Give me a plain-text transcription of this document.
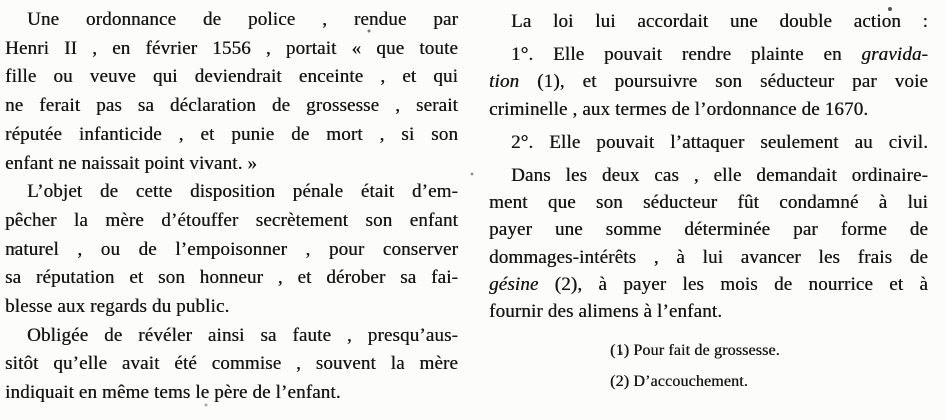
Une ordonnance de police , rendue par
Henri II , en février 1556 , portait « que toute
fille ou veuve qui deviendrait enceinte , et qui
ne ferait pas sa déclaration de grossesse , serait
réputée infanticide , et punie de mort , si son
enfant ne naissait point vivant. »
L’objet de cette disposition pénale était d’em-
pêcher la mère d’étouffer secrètement son enfant
naturel , ou de l’empoisonner , pour conserver
sa réputation et son honneur , et dérober sa fai-
blesse aux regards du public.
Obligée de révéler ainsi sa faute , presqu’aus-
sitôt qu’elle avait été commise , souvent la mère
indiquait en même tems le père de l’enfant.
La loi lui accordait une double action :
1°. Elle pouvait rendre plainte en gravida-
tion (1), et poursuivre son séducteur par voie
criminelle , aux termes de l’ordonnance de 1670.
2°. Elle pouvait l’attaquer seulement au civil.
Dans les deux cas , elle demandait ordinaire-
ment que son séducteur fût condamné à lui
payer une somme déterminée par forme de
dommages-intérêts , à lui avancer les frais de
gésine (2), à payer les mois de nourrice et à
fournir des alimens à l’enfant.
(1) Pour fait de grossesse.
(2) D’accouchement.
